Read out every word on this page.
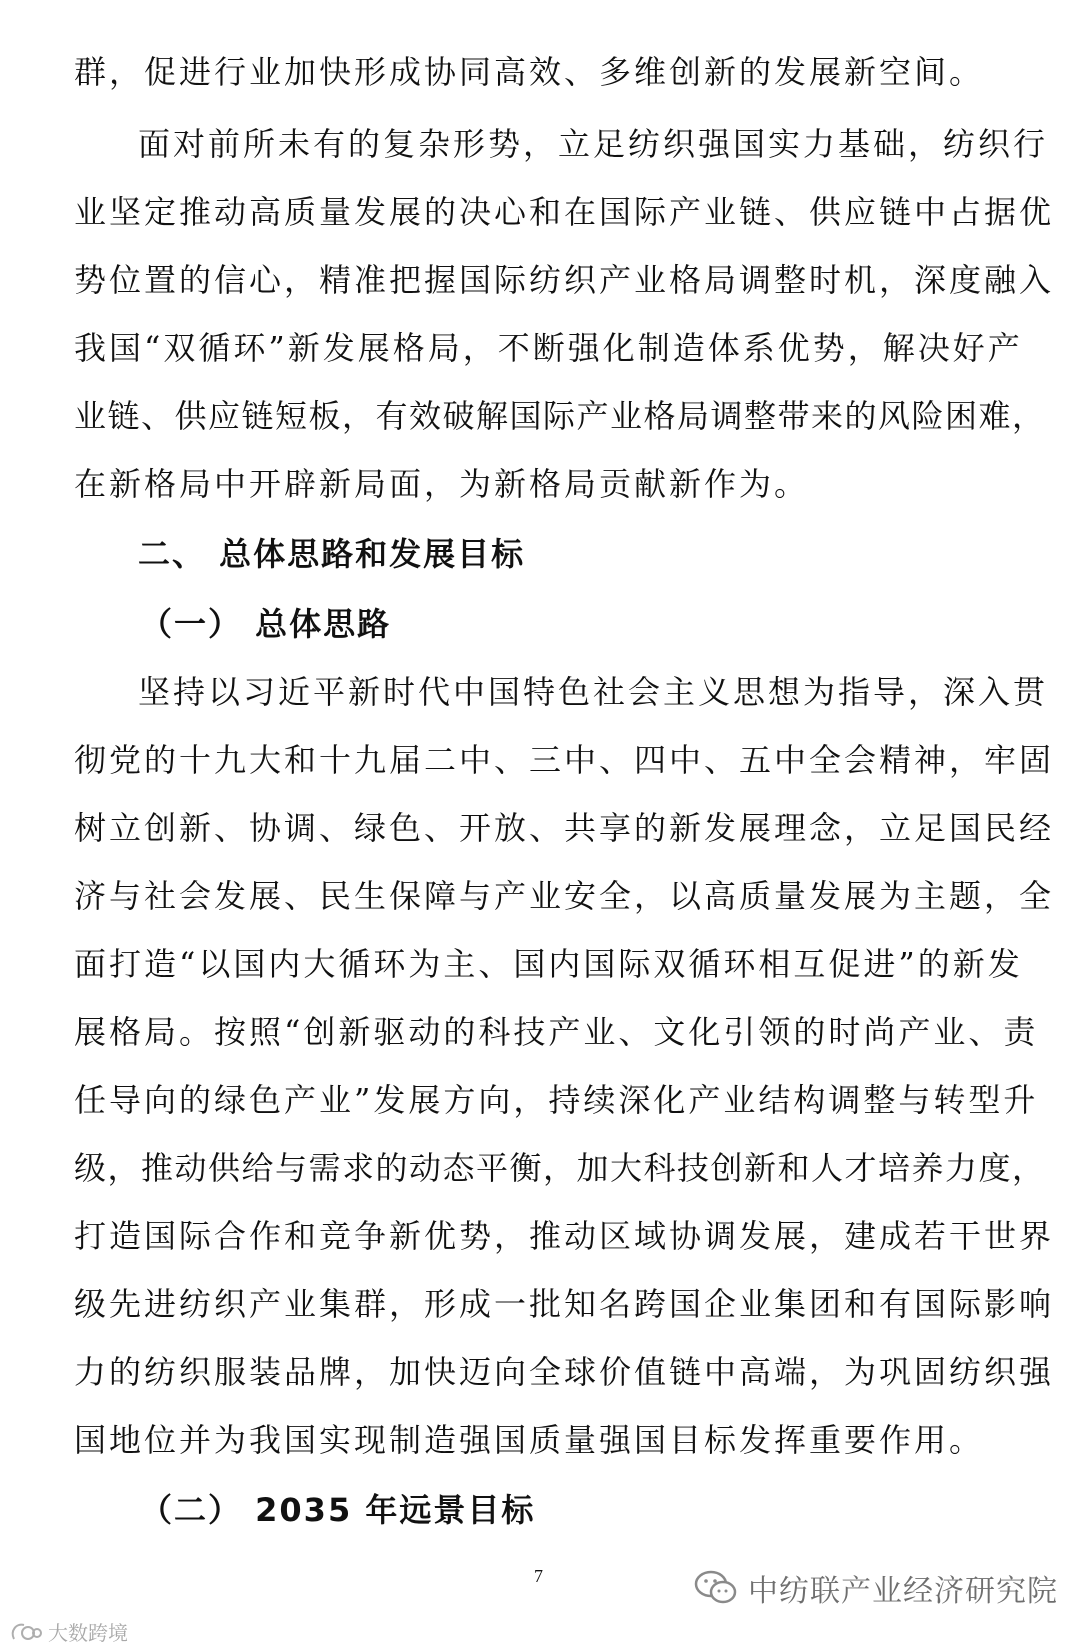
群，促进行业加快形成协同高效、多维创新的发展新空间。
面对前所未有的复杂形势，立足纺织强国实力基础，纺织行
业坚定推动高质量发展的决心和在国际产业链、供应链中占据优
势位置的信心，精准把握国际纺织产业格局调整时机，深度融入
我国“双循环”新发展格局，不断强化制造体系优势，解决好产
业链、供应链短板，有效破解国际产业格局调整带来的风险困难，
在新格局中开辟新局面，为新格局贡献新作为。
二、 总体思路和发展目标
（一） 总体思路
坚持以习近平新时代中国特色社会主义思想为指导，深入贯
彻党的十九大和十九届二中、三中、四中、五中全会精神，牢固
树立创新、协调、绿色、开放、共享的新发展理念，立足国民经
济与社会发展、民生保障与产业安全，以高质量发展为主题，全
面打造“以国内大循环为主、国内国际双循环相互促进”的新发
展格局。按照“创新驱动的科技产业、文化引领的时尚产业、责
任导向的绿色产业”发展方向，持续深化产业结构调整与转型升
级，推动供给与需求的动态平衡，加大科技创新和人才培养力度，
打造国际合作和竞争新优势，推动区域协调发展，建成若干世界
级先进纺织产业集群，形成一批知名跨国企业集团和有国际影响
力的纺织服装品牌，加快迈向全球价值链中高端，为巩固纺织强
国地位并为我国实现制造强国质量强国目标发挥重要作用。
（二） 2035 年远景目标
7	中纺联产业经济研究院
大数跨境
